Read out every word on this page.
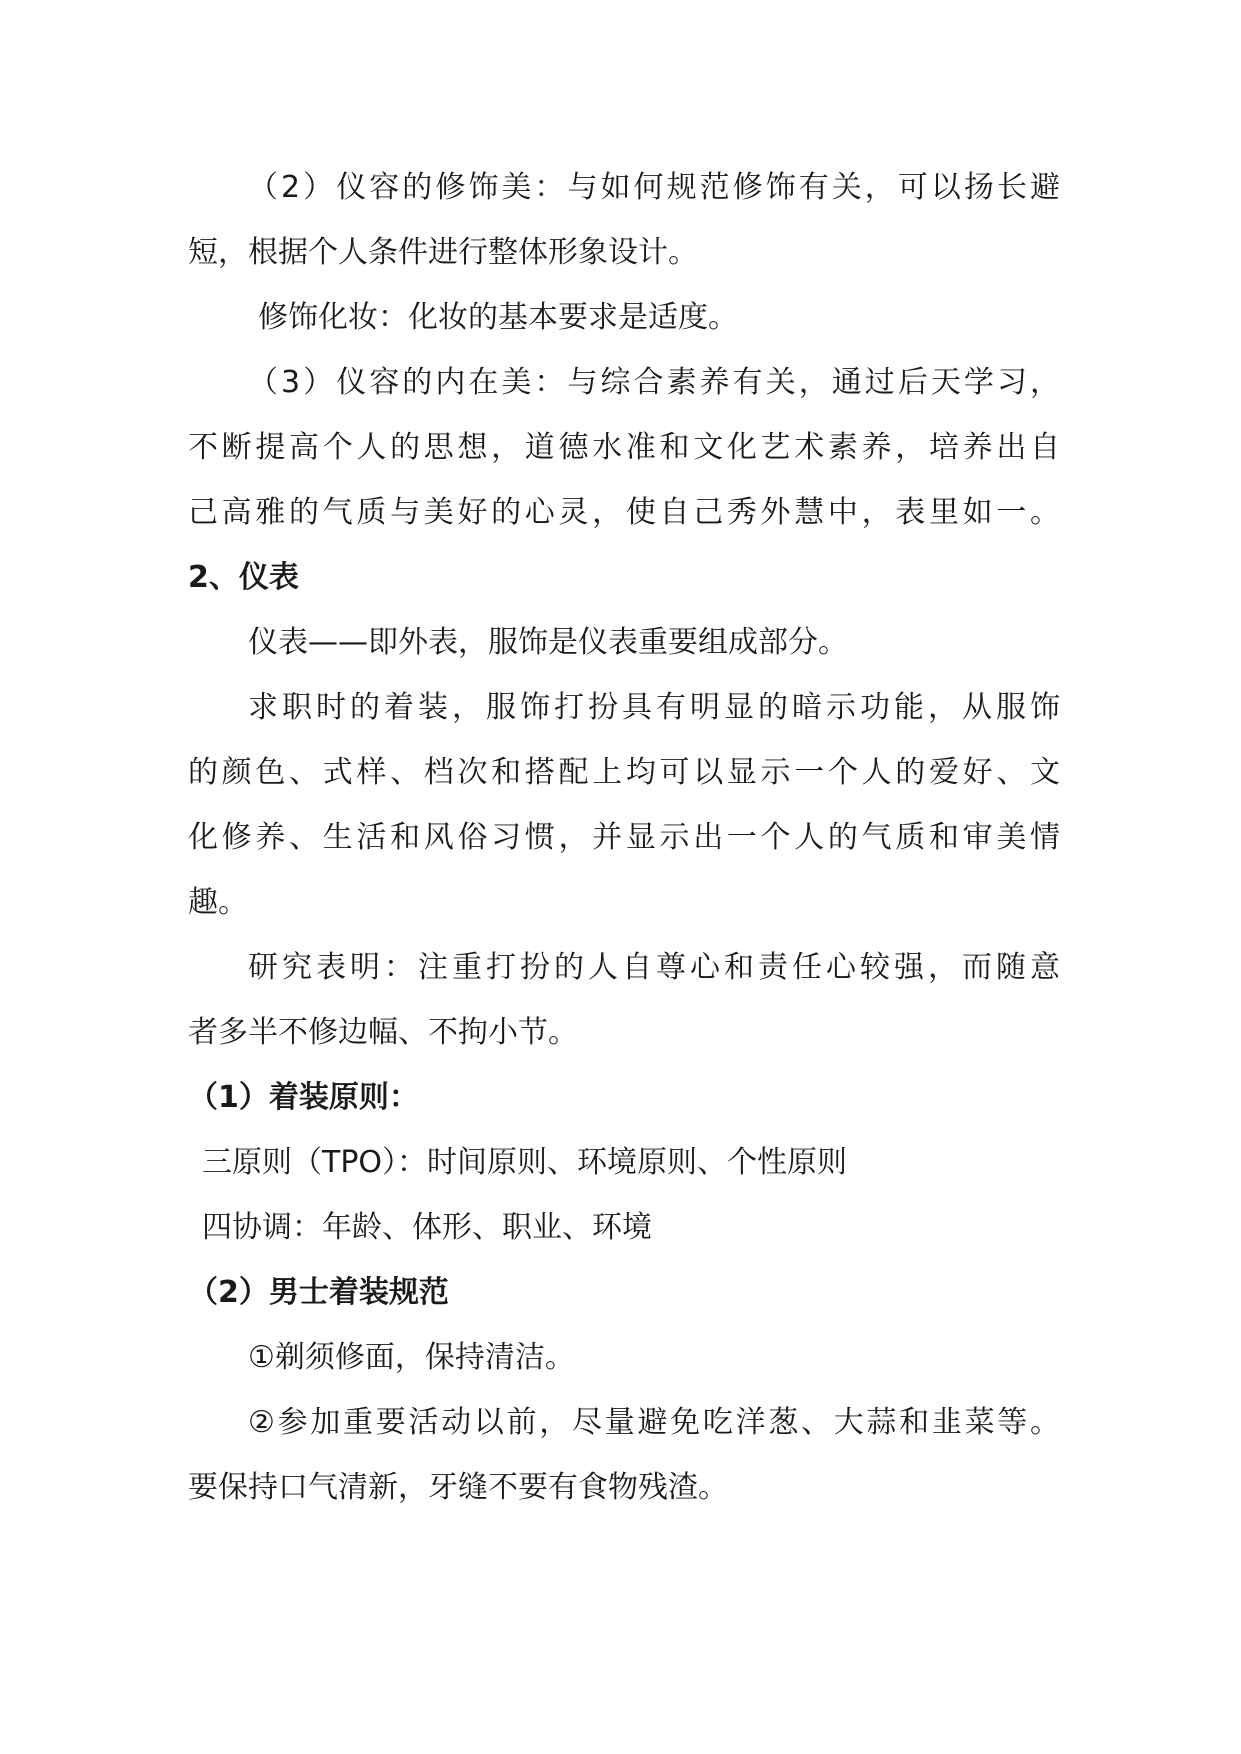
（2）仪容的修饰美：与如何规范修饰有关，可以扬长避
短，根据个人条件进行整体形象设计。
修饰化妆：化妆的基本要求是适度。
（3）仪容的内在美：与综合素养有关，通过后天学习，
不断提高个人的思想，道德水准和文化艺术素养，培养出自
己高雅的气质与美好的心灵，使自己秀外慧中，表里如一。
2、仪表
仪表——即外表，服饰是仪表重要组成部分。
求职时的着装，服饰打扮具有明显的暗示功能，从服饰
的颜色、式样、档次和搭配上均可以显示一个人的爱好、文
化修养、生活和风俗习惯，并显示出一个人的气质和审美情
趣。
研究表明：注重打扮的人自尊心和责任心较强，而随意
者多半不修边幅、不拘小节。
（1）着装原则：
三原则（TPO）：时间原则、环境原则、个性原则
四协调：年龄、体形、职业、环境
（2）男士着装规范
①剃须修面，保持清洁。
②参加重要活动以前，尽量避免吃洋葱、大蒜和韭菜等。
要保持口气清新，牙缝不要有食物残渣。
